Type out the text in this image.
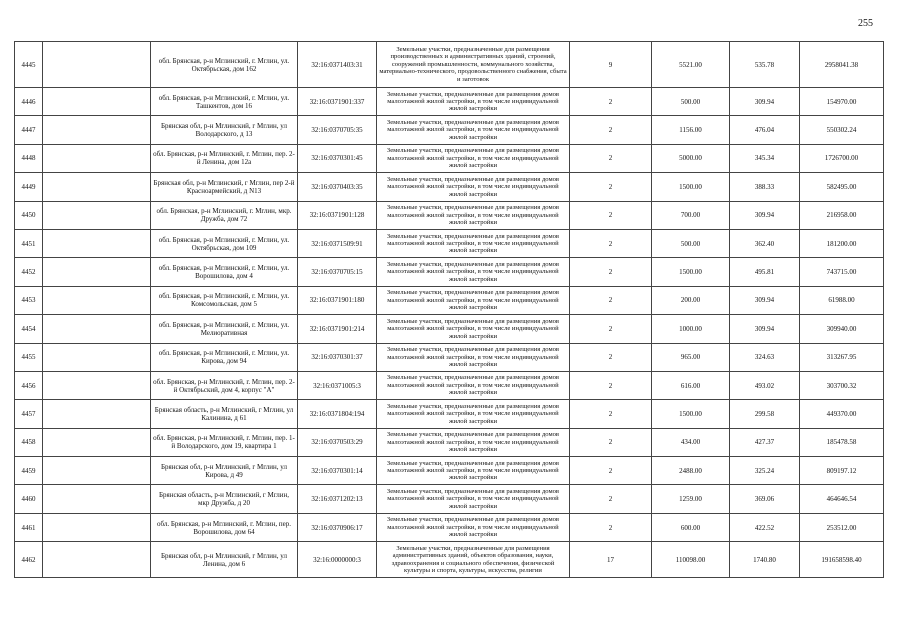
255
4445		обл. Брянская, р-н Мглинский, г. Мглин, ул. Октябрьская, дом 162	32:16:0371403:31	Земельные участки, предназначенные для размещения производственных и административных зданий, строений, сооружений промышленности, коммунального хозяйства, материально-технического, продовольственного снабжения, сбыта и заготовок	9	5521.00	535.78	2958041.38
4446		обл. Брянская, р-н Мглинский, г. Мглин, ул. Ташкентов, дом 16	32:16:0371901:337	Земельные участки, предназначенные для размещения домов малоэтажной жилой застройки, в том числе индивидуальной жилой застройки	2	500.00	309.94	154970.00
4447		Брянская обл, р-н Мглинский, г Мглин, ул Володарского, д 13	32:16:0370705:35	Земельные участки, предназначенные для размещения домов малоэтажной жилой застройки, в том числе индивидуальной жилой застройки	2	1156.00	476.04	550302.24
4448		обл. Брянская, р-н Мглинский, г. Мглин, пер. 2-й Ленина, дом 12а	32:16:0370301:45	Земельные участки, предназначенные для размещения домов малоэтажной жилой застройки, в том числе индивидуальной жилой застройки	2	5000.00	345.34	1726700.00
4449		Брянская обл, р-н Мглинский, г Мглин, пер 2-й Красноармейский, д N13	32:16:0370403:35	Земельные участки, предназначенные для размещения домов малоэтажной жилой застройки, в том числе индивидуальной жилой застройки	2	1500.00	388.33	582495.00
4450		обл. Брянская, р-н Мглинский, г. Мглин, мкр. Дружба, дом 72	32:16:0371901:128	Земельные участки, предназначенные для размещения домов малоэтажной жилой застройки, в том числе индивидуальной жилой застройки	2	700.00	309.94	216958.00
4451		обл. Брянская, р-н Мглинский, г. Мглин, ул. Октябрьская, дом 109	32:16:0371509:91	Земельные участки, предназначенные для размещения домов малоэтажной жилой застройки, в том числе индивидуальной жилой застройки	2	500.00	362.40	181200.00
4452		обл. Брянская, р-н Мглинский, г. Мглин, ул. Ворошилова, дом 4	32:16:0370705:15	Земельные участки, предназначенные для размещения домов малоэтажной жилой застройки, в том числе индивидуальной жилой застройки	2	1500.00	495.81	743715.00
4453		обл. Брянская, р-н Мглинский, г. Мглин, ул. Комсомольская, дом 5	32:16:0371901:180	Земельные участки, предназначенные для размещения домов малоэтажной жилой застройки, в том числе индивидуальной жилой застройки	2	200.00	309.94	61988.00
4454		обл. Брянская, р-н Мглинский, г. Мглин, ул. Мелиоративная	32:16:0371901:214	Земельные участки, предназначенные для размещения домов малоэтажной жилой застройки, в том числе индивидуальной жилой застройки	2	1000.00	309.94	309940.00
4455		обл. Брянская, р-н Мглинский, г. Мглин, ул. Кирова, дом 94	32:16:0370301:37	Земельные участки, предназначенные для размещения домов малоэтажной жилой застройки, в том числе индивидуальной жилой застройки	2	965.00	324.63	313267.95
4456		обл. Брянская, р-н Мглинский, г. Мглин, пер. 2-й Октябрьский, дом 4, корпус "А"	32:16:0371005:3	Земельные участки, предназначенные для размещения домов малоэтажной жилой застройки, в том числе индивидуальной жилой застройки	2	616.00	493.02	303700.32
4457		Брянская область, р-н Мглинский, г Мглин, ул Калинина, д 61	32:16:0371804:194	Земельные участки, предназначенные для размещения домов малоэтажной жилой застройки, в том числе индивидуальной жилой застройки	2	1500.00	299.58	449370.00
4458		обл. Брянская, р-н Мглинский, г. Мглин, пер. 1-й Володарского, дом 19, квартира 1	32:16:0370503:29	Земельные участки, предназначенные для размещения домов малоэтажной жилой застройки, в том числе индивидуальной жилой застройки	2	434.00	427.37	185478.58
4459		Брянская обл, р-н Мглинский, г Мглин, ул Кирова, д 49	32:16:0370301:14	Земельные участки, предназначенные для размещения домов малоэтажной жилой застройки, в том числе индивидуальной жилой застройки	2	2488.00	325.24	809197.12
4460		Брянская область, р-н Мглинский, г Мглин, мкр Дружба, д 20	32:16:0371202:13	Земельные участки, предназначенные для размещения домов малоэтажной жилой застройки, в том числе индивидуальной жилой застройки	2	1259.00	369.06	464646.54
4461		обл. Брянская, р-н Мглинский, г. Мглин, пер. Ворошилова, дом 64	32:16:0370906:17	Земельные участки, предназначенные для размещения домов малоэтажной жилой застройки, в том числе индивидуальной жилой застройки	2	600.00	422.52	253512.00
4462		Брянская обл, р-н Мглинский, г Мглин, ул Ленина, дом 6	32:16:0000000:3	Земельные участки, предназначенные для размещения административных зданий, объектов образования, науки, здравоохранения и социального обеспечения, физической культуры и спорта, культуры, искусства, религии	17	110098.00	1740.80	191658598.40
